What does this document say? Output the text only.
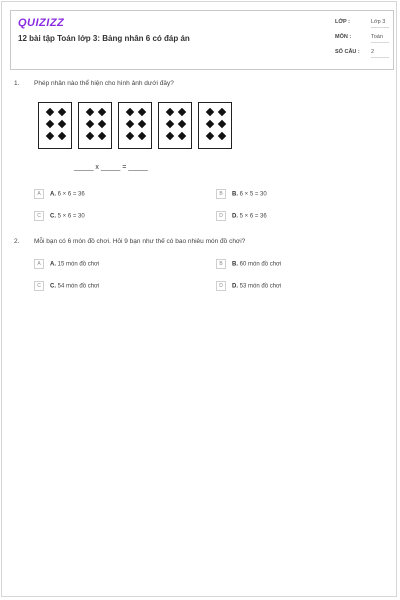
QUIZIZZ
12 bài tập Toán lớp 3: Bảng nhân 6 có đáp án
LỚP :	Lớp 3
MÔN :	Toán
SỐ CÂU : 2
1. Phép nhân nào thể hiện cho hình ảnh dưới đây?
_____ x _____ = _____
A A. 6 × 6 = 36	B B. 6 × 5 = 30
C C. 5 × 6 = 30	D D. 5 × 6 = 36
2. Mỗi bạn có 6 món đồ chơi. Hỏi 9 bạn như thế có bao nhiêu món đồ chơi?
A A. 15 món đồ chơi	B B. 60 món đồ chơi
C C. 54 món đồ chơi	D D. 53 món đồ chơi
